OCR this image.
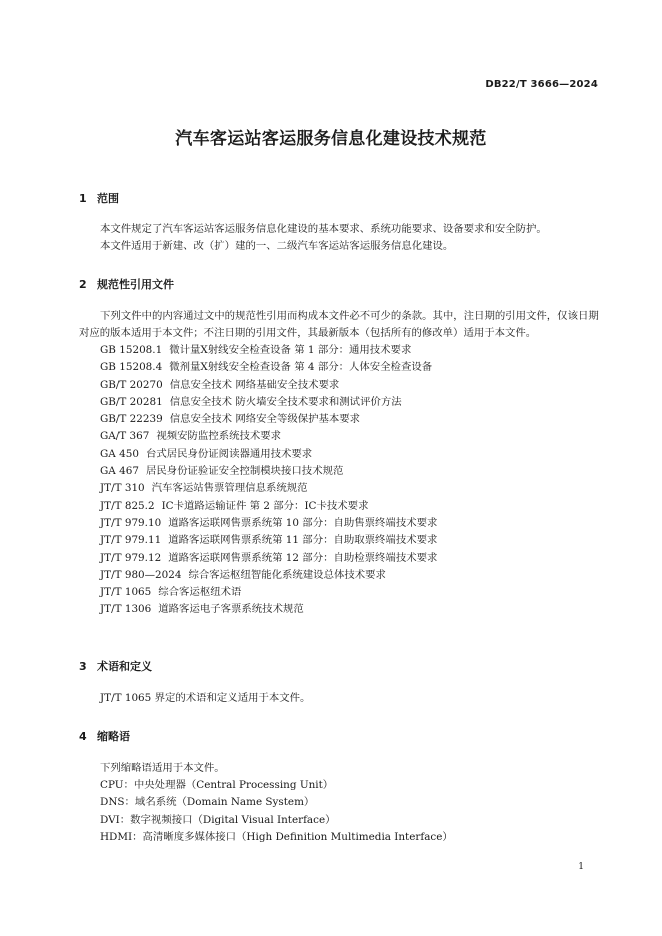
DB22/T 3666—2024
汽车客运站客运服务信息化建设技术规范
1 范围

本文件规定了汽车客运站客运服务信息化建设的基本要求、系统功能要求、设备要求和安全防护。

本文件适用于新建、改（扩）建的一、二级汽车客运站客运服务信息化建设。

2 规范性引用文件

下列文件中的内容通过文中的规范性引用而构成本文件必不可少的条款。其中，注日期的引用文件，仅该日期对应的版本适用于本文件；不注日期的引用文件，其最新版本（包括所有的修改单）适用于本文件。

GB 15208.1 微计量X射线安全检查设备 第 1 部分：通用技术要求
GB 15208.4 微剂量X射线安全检查设备 第 4 部分：人体安全检查设备
GB/T 20270 信息安全技术 网络基础安全技术要求
GB/T 20281 信息安全技术 防火墙安全技术要求和测试评价方法
GB/T 22239 信息安全技术 网络安全等级保护基本要求
GA/T 367 视频安防监控系统技术要求
GA 450 台式居民身份证阅读器通用技术要求
GA 467 居民身份证验证安全控制模块接口技术规范
JT/T 310 汽车客运站售票管理信息系统规范
JT/T 825.2 IC卡道路运输证件 第 2 部分：IC卡技术要求
JT/T 979.10 道路客运联网售票系统第 10 部分：自助售票终端技术要求
JT/T 979.11 道路客运联网售票系统第 11 部分：自助取票终端技术要求
JT/T 979.12 道路客运联网售票系统第 12 部分：自助检票终端技术要求
JT/T 980—2024 综合客运枢纽智能化系统建设总体技术要求
JT/T 1065 综合客运枢纽术语
JT/T 1306 道路客运电子客票系统技术规范
3 术语和定义

JT/T 1065 界定的术语和定义适用于本文件。

4 缩略语

下列缩略语适用于本文件。

CPU：中央处理器（Central Processing Unit）
DNS：域名系统（Domain Name System）
DVI：数字视频接口（Digital Visual Interface）
HDMI：高清晰度多媒体接口（High Definition Multimedia Interface）
1
